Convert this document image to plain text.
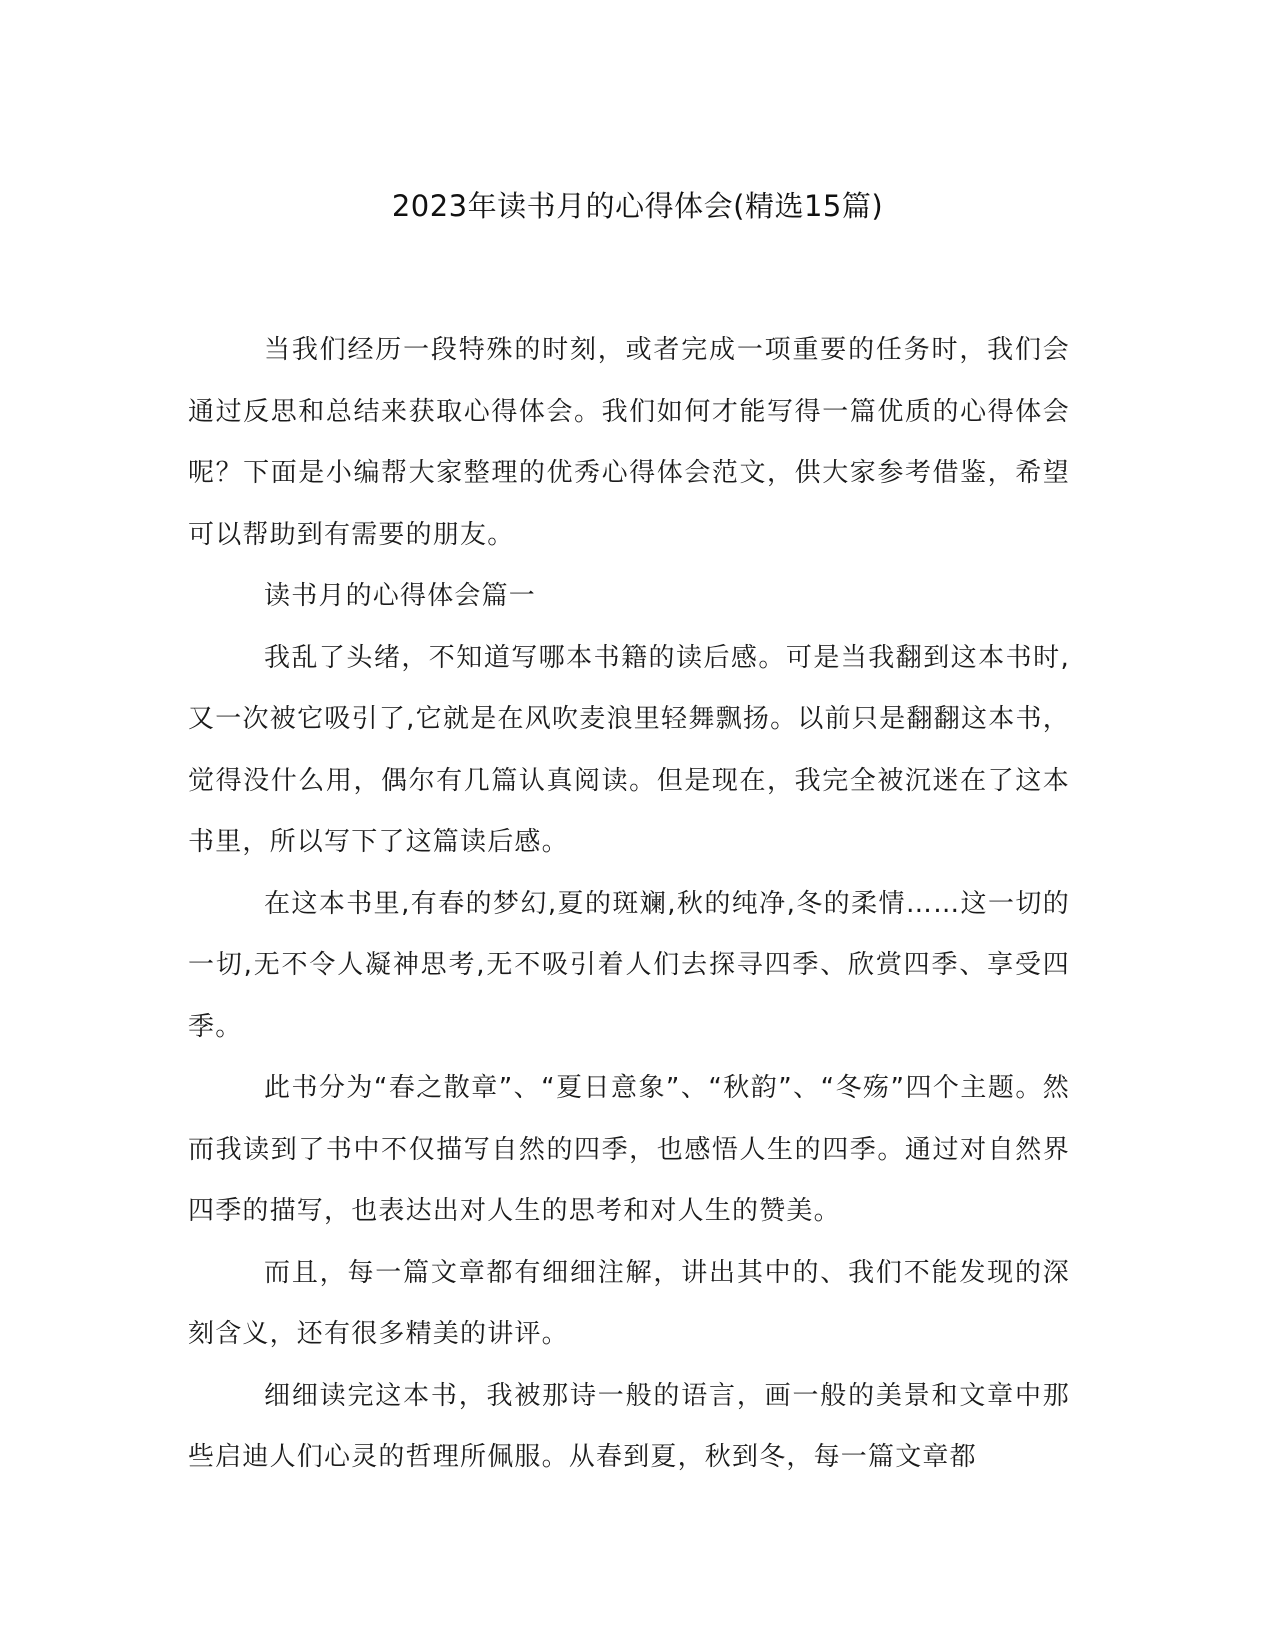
2023年读书月的心得体会(精选15篇)

当我们经历一段特殊的时刻，或者完成一项重要的任务时，我们会通过反思和总结来获取心得体会。我们如何才能写得一篇优质的心得体会呢？下面是小编帮大家整理的优秀心得体会范文，供大家参考借鉴，希望可以帮助到有需要的朋友。

读书月的心得体会篇一

我乱了头绪，不知道写哪本书籍的读后感。可是当我翻到这本书时,又一次被它吸引了,它就是在风吹麦浪里轻舞飘扬。以前只是翻翻这本书，觉得没什么用，偶尔有几篇认真阅读。但是现在，我完全被沉迷在了这本书里，所以写下了这篇读后感。

在这本书里,有春的梦幻,夏的斑斓,秋的纯净,冬的柔情……这一切的一切,无不令人凝神思考,无不吸引着人们去探寻四季、欣赏四季、享受四季。

此书分为“春之散章”、“夏日意象”、“秋韵”、“冬殇”四个主题。然而我读到了书中不仅描写自然的四季，也感悟人生的四季。通过对自然界四季的描写，也表达出对人生的思考和对人生的赞美。

而且，每一篇文章都有细细注解，讲出其中的、我们不能发现的深刻含义，还有很多精美的讲评。

细细读完这本书，我被那诗一般的语言，画一般的美景和文章中那些启迪人们心灵的哲理所佩服。从春到夏，秋到冬，每一篇文章都
